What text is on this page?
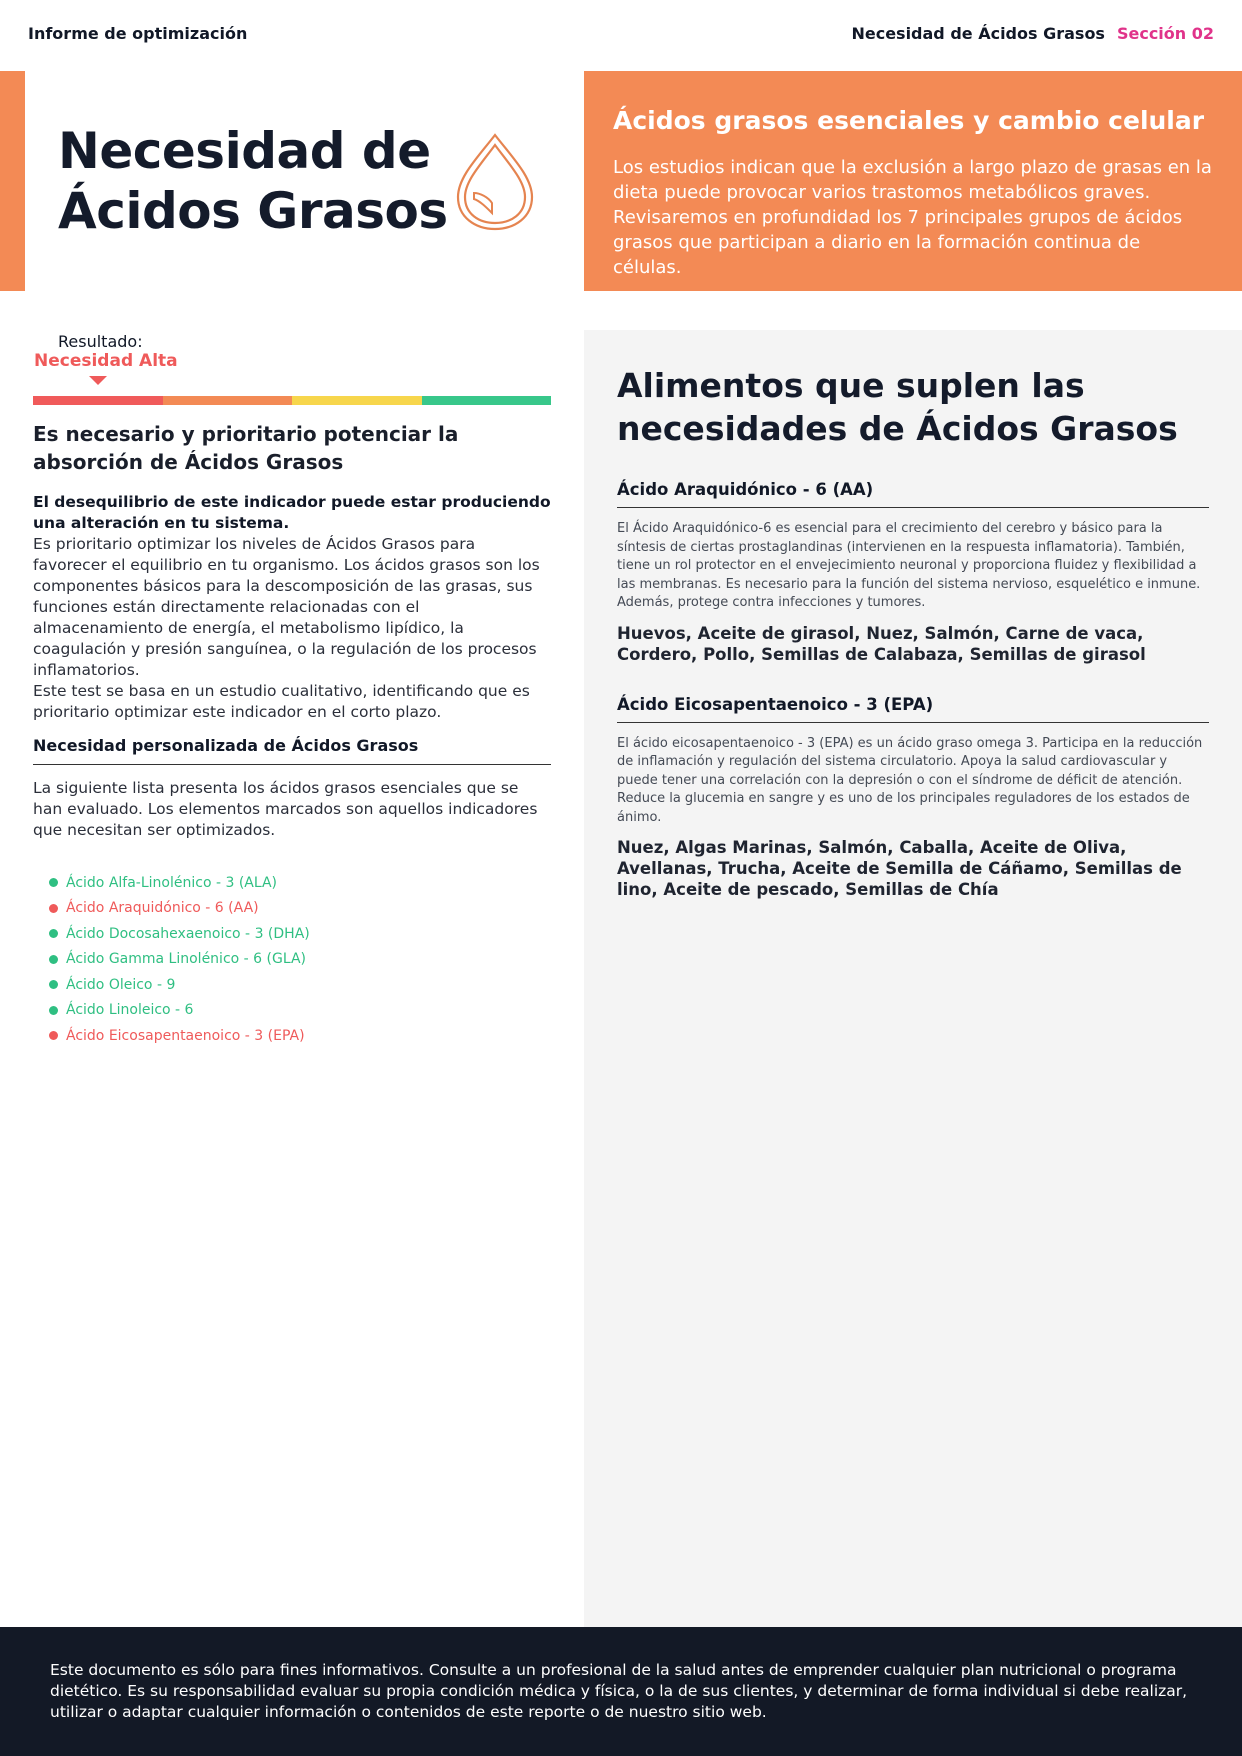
Informe de optimización	Necesidad de Ácidos Grasos Sección 02
Necesidad de
Ácidos Grasos
Ácidos grasos esenciales y cambio celular

Los estudios indican que la exclusión a largo plazo de grasas en la dieta puede provocar varios trastomos metabólicos graves. Revisaremos en profundidad los 7 principales grupos de ácidos grasos que participan a diario en la formación continua de células.

Resultado:
Necesidad Alta
Es necesario y prioritario potenciar la absorción de Ácidos Grasos
El desequilibrio de este indicador puede estar produciendo una alteración en tu sistema.
Es prioritario optimizar los niveles de Ácidos Grasos para favorecer el equilibrio en tu organismo. Los ácidos grasos son los componentes básicos para la descomposición de las grasas, sus funciones están directamente relacionadas con el almacenamiento de energía, el metabolismo lipídico, la coagulación y presión sanguínea, o la regulación de los procesos inflamatorios.
Este test se basa en un estudio cualitativo, identificando que es prioritario optimizar este indicador en el corto plazo.
Necesidad personalizada de Ácidos Grasos
La siguiente lista presenta los ácidos grasos esenciales que se han evaluado. Los elementos marcados son aquellos indicadores que necesitan ser optimizados.
Ácido Alfa-Linolénico - 3 (ALA)
Ácido Araquidónico - 6 (AA)
Ácido Docosahexaenoico - 3 (DHA)
Ácido Gamma Linolénico - 6 (GLA)
Ácido Oleico - 9
Ácido Linoleico - 6
Ácido Eicosapentaenoico - 3 (EPA)
Alimentos que suplen las necesidades de Ácidos Grasos
Ácido Araquidónico - 6 (AA)

El Ácido Araquidónico-6 es esencial para el crecimiento del cerebro y básico para la síntesis de ciertas prostaglandinas (intervienen en la respuesta inflamatoria). También, tiene un rol protector en el envejecimiento neuronal y proporciona fluidez y flexibilidad a las membranas. Es necesario para la función del sistema nervioso, esquelético e inmune. Además, protege contra infecciones y tumores.

Huevos, Aceite de girasol, Nuez, Salmón, Carne de vaca, Cordero, Pollo, Semillas de Calabaza, Semillas de girasol

Ácido Eicosapentaenoico - 3 (EPA)

El ácido eicosapentaenoico - 3 (EPA) es un ácido graso omega 3. Participa en la reducción de inflamación y regulación del sistema circulatorio. Apoya la salud cardiovascular y puede tener una correlación con la depresión o con el síndrome de déficit de atención. Reduce la glucemia en sangre y es uno de los principales reguladores de los estados de ánimo.

Nuez, Algas Marinas, Salmón, Caballa, Aceite de Oliva, Avellanas, Trucha, Aceite de Semilla de Cáñamo, Semillas de lino, Aceite de pescado, Semillas de Chía

Este documento es sólo para fines informativos. Consulte a un profesional de la salud antes de emprender cualquier plan nutricional o programa dietético. Es su responsabilidad evaluar su propia condición médica y física, o la de sus clientes, y determinar de forma individual si debe realizar, utilizar o adaptar cualquier información o contenidos de este reporte o de nuestro sitio web.
